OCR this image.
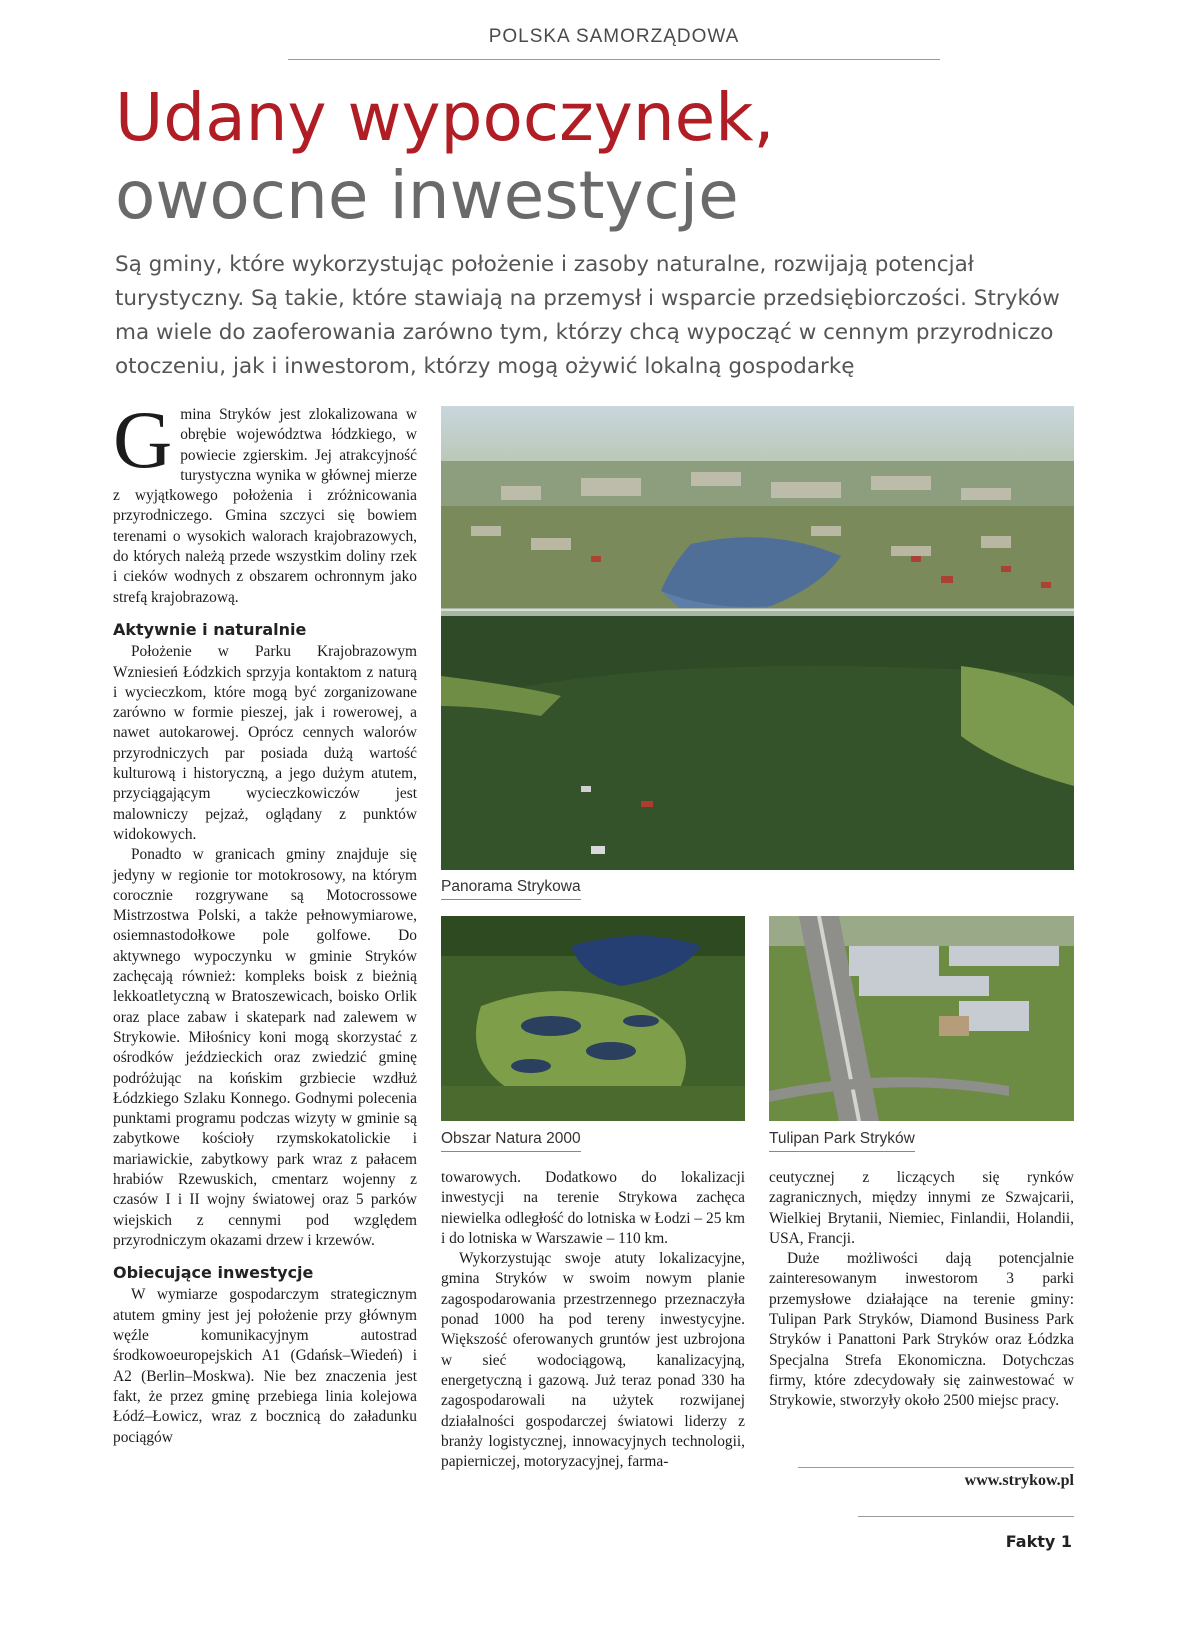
POLSKA SAMORZĄDOWA
Udany wypoczynek,
owocne inwestycje
Są gminy, które wykorzystując położenie i zasoby naturalne, rozwijają potencjał turystyczny. Są takie, które stawiają na przemysł i wsparcie przedsiębiorczości. Stryków ma wiele do zaoferowania zarówno tym, którzy chcą wypocząć w cennym przyrodniczo otoczeniu, jak i inwestorom, którzy mogą ożywić lokalną gospodarkę

Gmina Stryków jest zlokalizowana w obrębie województwa łódzkiego, w powiecie zgierskim. Jej atrakcyjność turystyczna wynika w głównej mierze z wyjątkowego położenia i zróżnicowania przyrodniczego. Gmina szczyci się bowiem terenami o wysokich walorach krajobrazowych, do których należą przede wszystkim doliny rzek i cieków wodnych z obszarem ochronnym jako strefą krajobrazową.

Aktywnie i naturalnie

Położenie w Parku Krajobrazowym Wzniesień Łódzkich sprzyja kontaktom z naturą i wycieczkom, które mogą być zorganizowane zarówno w formie pieszej, jak i rowerowej, a nawet autokarowej. Oprócz cennych walorów przyrodniczych par posiada dużą wartość kulturową i historyczną, a jego dużym atutem, przyciągającym wycieczkowiczów jest malowniczy pejzaż, oglądany z punktów widokowych.

Ponadto w granicach gminy znajduje się jedyny w regionie tor motokrosowy, na którym corocznie rozgrywane są Motocrossowe Mistrzostwa Polski, a także pełnowymiarowe, osiemnastodołkowe pole golfowe. Do aktywnego wypoczynku w gminie Stryków zachęcają również: kompleks boisk z bieżnią lekkoatletyczną w Bratoszewicach, boisko Orlik oraz place zabaw i skatepark nad zalewem w Strykowie. Miłośnicy koni mogą skorzystać z ośrodków jeździeckich oraz zwiedzić gminę podróżując na końskim grzbiecie wzdłuż Łódzkiego Szlaku Konnego. Godnymi polecenia punktami programu podczas wizyty w gminie są zabytkowe kościoły rzymskokatolickie i mariawickie, zabytkowy park wraz z pałacem hrabiów Rzewuskich, cmentarz wojenny z czasów I i II wojny światowej oraz 5 parków wiejskich z cennymi pod względem przyrodniczym okazami drzew i krzewów.

Obiecujące inwestycje

W wymiarze gospodarczym strategicznym atutem gminy jest jej położenie przy głównym węźle komunikacyjnym autostrad środkowoeuropejskich A1 (Gdańsk–Wiedeń) i A2 (Berlin–Moskwa). Nie bez znaczenia jest fakt, że przez gminę przebiega linia kolejowa Łódź–Łowicz, wraz z bocznicą do załadunku pociągów

Panorama Strykowa
Obszar Natura 2000	Tulipan Park Stryków

towarowych. Dodatkowo do lokalizacji inwestycji na terenie Strykowa zachęca niewielka odległość do lotniska w Łodzi – 25 km i do lotniska w Warszawie – 110 km.

Wykorzystując swoje atuty lokalizacyjne, gmina Stryków w swoim nowym planie zagospodarowania przestrzennego przeznaczyła ponad 1000 ha pod tereny inwestycyjne. Większość oferowanych gruntów jest uzbrojona w sieć wodociągową, kanalizacyjną, energetyczną i gazową. Już teraz ponad 330 ha zagospodarowali na użytek rozwijanej działalności gospodarczej światowi liderzy z branży logistycznej, innowacyjnych technologii, papierniczej, motoryzacyjnej, farma-

ceutycznej z liczących się rynków zagranicznych, między innymi ze Szwajcarii, Wielkiej Brytanii, Niemiec, Finlandii, Holandii, USA, Francji.

Duże możliwości dają potencjalnie zainteresowanym inwestorom 3 parki przemysłowe działające na terenie gminy: Tulipan Park Stryków, Diamond Business Park Stryków i Panattoni Park Stryków oraz Łódzka Specjalna Strefa Ekonomiczna. Dotychczas firmy, które zdecydowały się zainwestować w Strykowie, stworzyły około 2500 miejsc pracy.

www.strykow.pl
Fakty 1
